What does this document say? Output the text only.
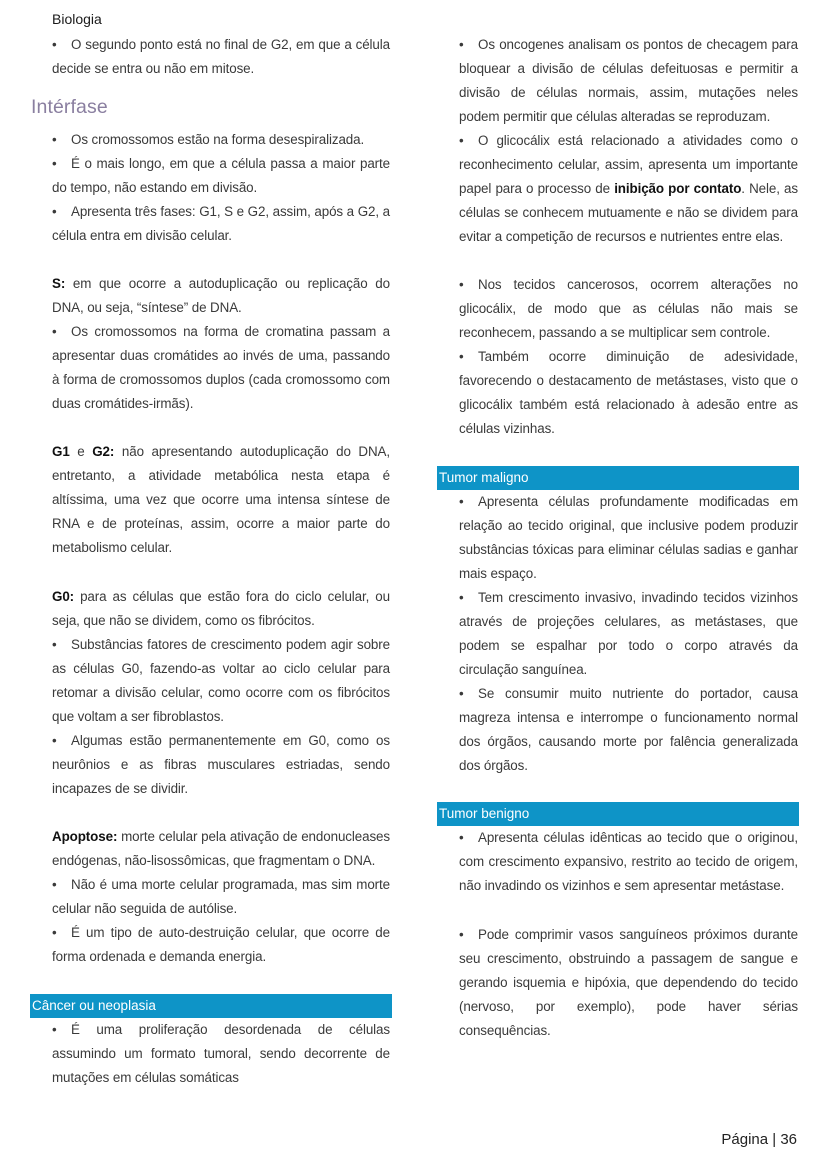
Biologia
• O segundo ponto está no final de G2, em que a célula decide se entra ou não em mitose.
Intérfase
• Os cromossomos estão na forma desespiralizada.
• É o mais longo, em que a célula passa a maior parte do tempo, não estando em divisão.
• Apresenta três fases: G1, S e G2, assim, após a G2, a célula entra em divisão celular.
S: em que ocorre a autoduplicação ou replicação do DNA, ou seja, “síntese” de DNA.
• Os cromossomos na forma de cromatina passam a apresentar duas cromátides ao invés de uma, passando à forma de cromossomos duplos (cada cromossomo com duas cromátides-irmãs).
G1 e G2: não apresentando autoduplicação do DNA, entretanto, a atividade metabólica nesta etapa é altíssima, uma vez que ocorre uma intensa síntese de RNA e de proteínas, assim, ocorre a maior parte do metabolismo celular.
G0: para as células que estão fora do ciclo celular, ou seja, que não se dividem, como os fibrócitos.
• Substâncias fatores de crescimento podem agir sobre as células G0, fazendo-as voltar ao ciclo celular para retomar a divisão celular, como ocorre com os fibrócitos que voltam a ser fibroblastos.
• Algumas estão permanentemente em G0, como os neurônios e as fibras musculares estriadas, sendo incapazes de se dividir.
Apoptose: morte celular pela ativação de endonucleases endógenas, não-lisossômicas, que fragmentam o DNA.
• Não é uma morte celular programada, mas sim morte celular não seguida de autólise.
• É um tipo de auto-destruição celular, que ocorre de forma ordenada e demanda energia.
Câncer ou neoplasia
• É uma proliferação desordenada de células assumindo um formato tumoral, sendo decorrente de mutações em células somáticas
• Os oncogenes analisam os pontos de checagem para bloquear a divisão de células defeituosas e permitir a divisão de células normais, assim, mutações neles podem permitir que células alteradas se reproduzam.
• O glicocálix está relacionado a atividades como o reconhecimento celular, assim, apresenta um importante papel para o processo de inibição por contato. Nele, as células se conhecem mutuamente e não se dividem para evitar a competição de recursos e nutrientes entre elas.
• Nos tecidos cancerosos, ocorrem alterações no glicocálix, de modo que as células não mais se reconhecem, passando a se multiplicar sem controle.
• Também ocorre diminuição de adesividade, favorecendo o destacamento de metástases, visto que o glicocálix também está relacionado à adesão entre as células vizinhas.
Tumor maligno
• Apresenta células profundamente modificadas em relação ao tecido original, que inclusive podem produzir substâncias tóxicas para eliminar células sadias e ganhar mais espaço.
• Tem crescimento invasivo, invadindo tecidos vizinhos através de projeções celulares, as metástases, que podem se espalhar por todo o corpo através da circulação sanguínea.
• Se consumir muito nutriente do portador, causa magreza intensa e interrompe o funcionamento normal dos órgãos, causando morte por falência generalizada dos órgãos.
Tumor benigno
• Apresenta células idênticas ao tecido que o originou, com crescimento expansivo, restrito ao tecido de origem, não invadindo os vizinhos e sem apresentar metástase.
• Pode comprimir vasos sanguíneos próximos durante seu crescimento, obstruindo a passagem de sangue e gerando isquemia e hipóxia, que dependendo do tecido (nervoso, por exemplo), pode haver sérias consequências.
Página | 36
